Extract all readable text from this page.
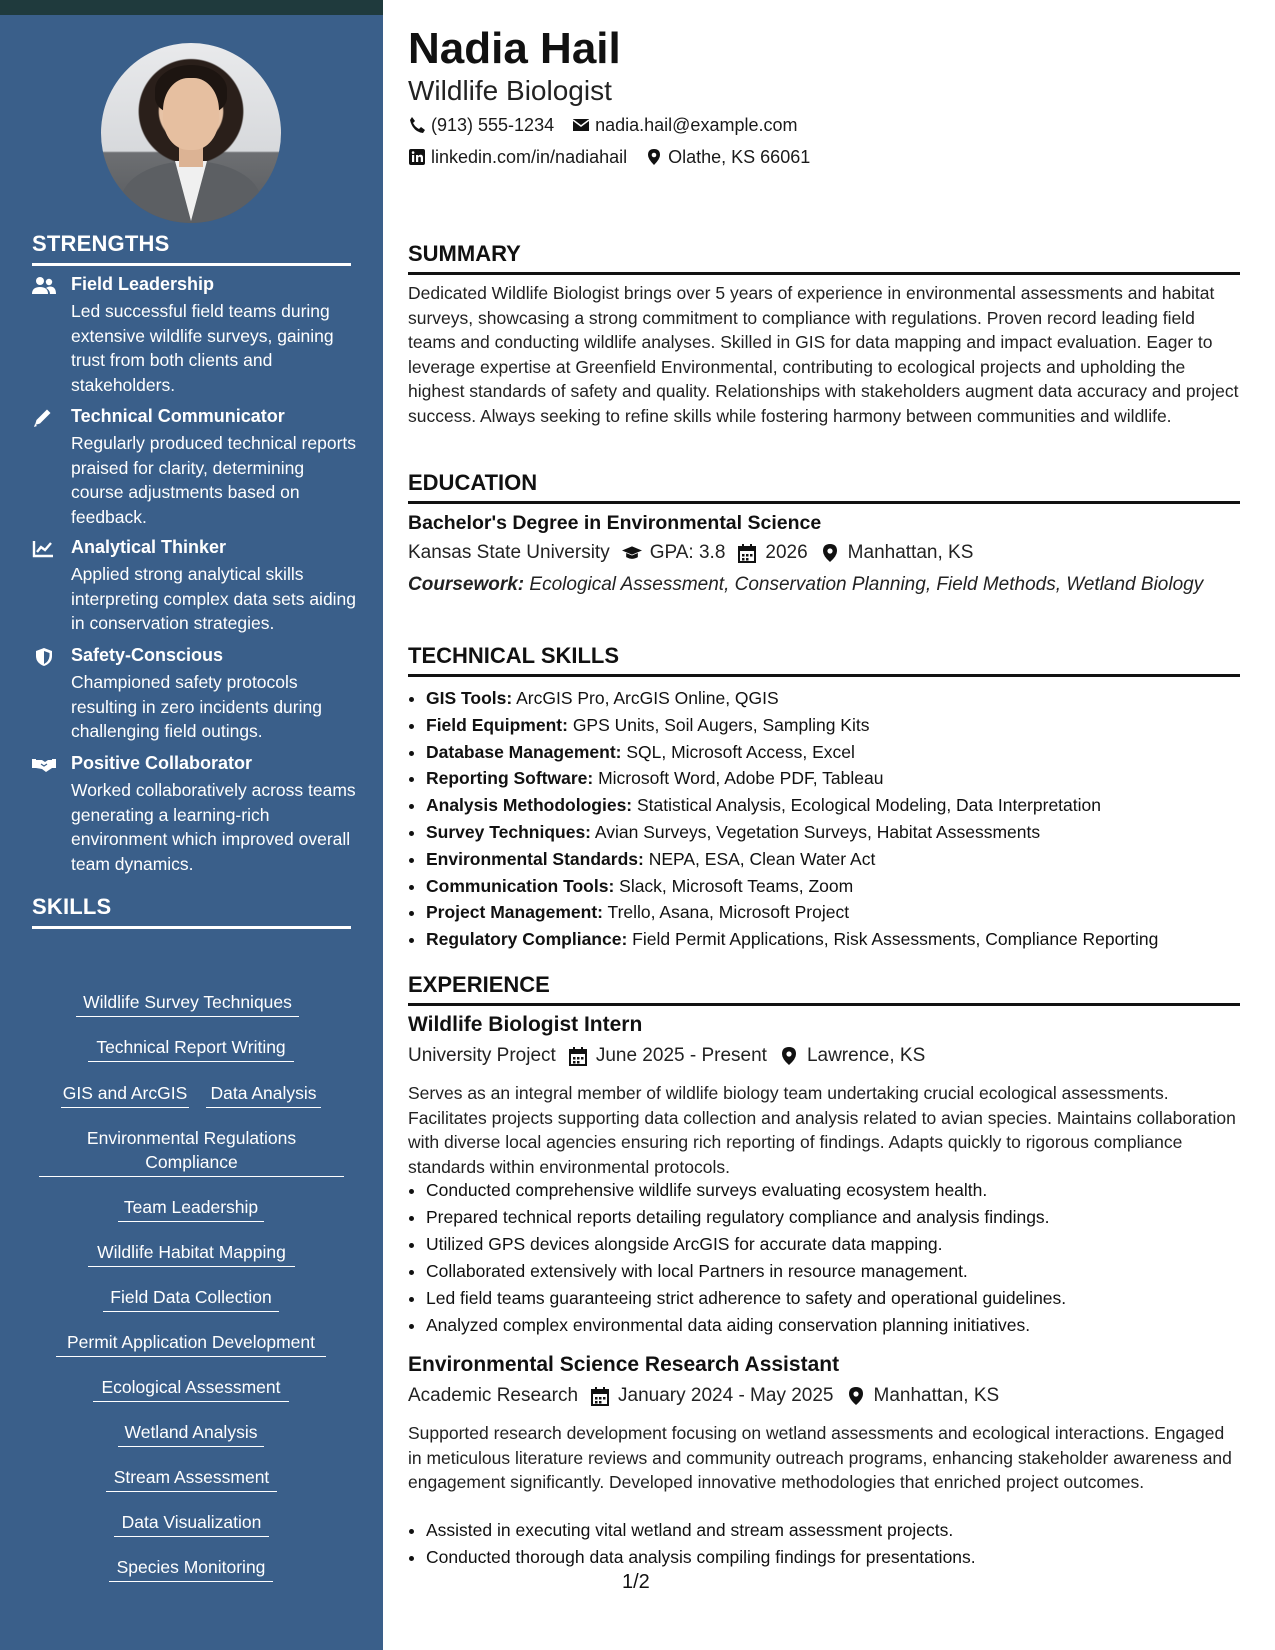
STRENGTHS
Field Leadership
Led successful field teams during extensive wildlife surveys, gaining trust from both clients and stakeholders.
Technical Communicator
Regularly produced technical reports praised for clarity, determining course adjustments based on feedback.
Analytical Thinker
Applied strong analytical skills interpreting complex data sets aiding in conservation strategies.
Safety-Conscious
Championed safety protocols resulting in zero incidents during challenging field outings.
Positive Collaborator
Worked collaboratively across teams generating a learning-rich environment which improved overall team dynamics.
SKILLS
Wildlife Survey Techniques
Technical Report Writing
GIS and ArcGIS Data Analysis
Environmental Regulations Compliance
Team Leadership
Wildlife Habitat Mapping
Field Data Collection
Permit Application Development
Ecological Assessment
Wetland Analysis
Stream Assessment
Data Visualization
Species Monitoring
Nadia Hail
Wildlife Biologist
(913) 555-1234 nadia.hail@example.com
linkedin.com/in/nadiahail Olathe, KS 66061
SUMMARY
Dedicated Wildlife Biologist brings over 5 years of experience in environmental assessments and habitat surveys, showcasing a strong commitment to compliance with regulations. Proven record leading field teams and conducting wildlife analyses. Skilled in GIS for data mapping and impact evaluation. Eager to leverage expertise at Greenfield Environmental, contributing to ecological projects and upholding the highest standards of safety and quality. Relationships with stakeholders augment data accuracy and project success. Always seeking to refine skills while fostering harmony between communities and wildlife.
EDUCATION
Bachelor's Degree in Environmental Science
Kansas State University GPA: 3.8 2026 Manhattan, KS
Coursework: Ecological Assessment, Conservation Planning, Field Methods, Wetland Biology
TECHNICAL SKILLS
• GIS Tools: ArcGIS Pro, ArcGIS Online, QGIS
• Field Equipment: GPS Units, Soil Augers, Sampling Kits
• Database Management: SQL, Microsoft Access, Excel
• Reporting Software: Microsoft Word, Adobe PDF, Tableau
• Analysis Methodologies: Statistical Analysis, Ecological Modeling, Data Interpretation
• Survey Techniques: Avian Surveys, Vegetation Surveys, Habitat Assessments
• Environmental Standards: NEPA, ESA, Clean Water Act
• Communication Tools: Slack, Microsoft Teams, Zoom
• Project Management: Trello, Asana, Microsoft Project
• Regulatory Compliance: Field Permit Applications, Risk Assessments, Compliance Reporting
EXPERIENCE
Wildlife Biologist Intern
University Project June 2025 - Present Lawrence, KS
Serves as an integral member of wildlife biology team undertaking crucial ecological assessments. Facilitates projects supporting data collection and analysis related to avian species. Maintains collaboration with diverse local agencies ensuring rich reporting of findings. Adapts quickly to rigorous compliance standards within environmental protocols.
• Conducted comprehensive wildlife surveys evaluating ecosystem health.
• Prepared technical reports detailing regulatory compliance and analysis findings.
• Utilized GPS devices alongside ArcGIS for accurate data mapping.
• Collaborated extensively with local Partners in resource management.
• Led field teams guaranteeing strict adherence to safety and operational guidelines.
• Analyzed complex environmental data aiding conservation planning initiatives.
Environmental Science Research Assistant
Academic Research January 2024 - May 2025 Manhattan, KS
Supported research development focusing on wetland assessments and ecological interactions. Engaged in meticulous literature reviews and community outreach programs, enhancing stakeholder awareness and engagement significantly. Developed innovative methodologies that enriched project outcomes.
• Assisted in executing vital wetland and stream assessment projects.
• Conducted thorough data analysis compiling findings for presentations.
1/2
